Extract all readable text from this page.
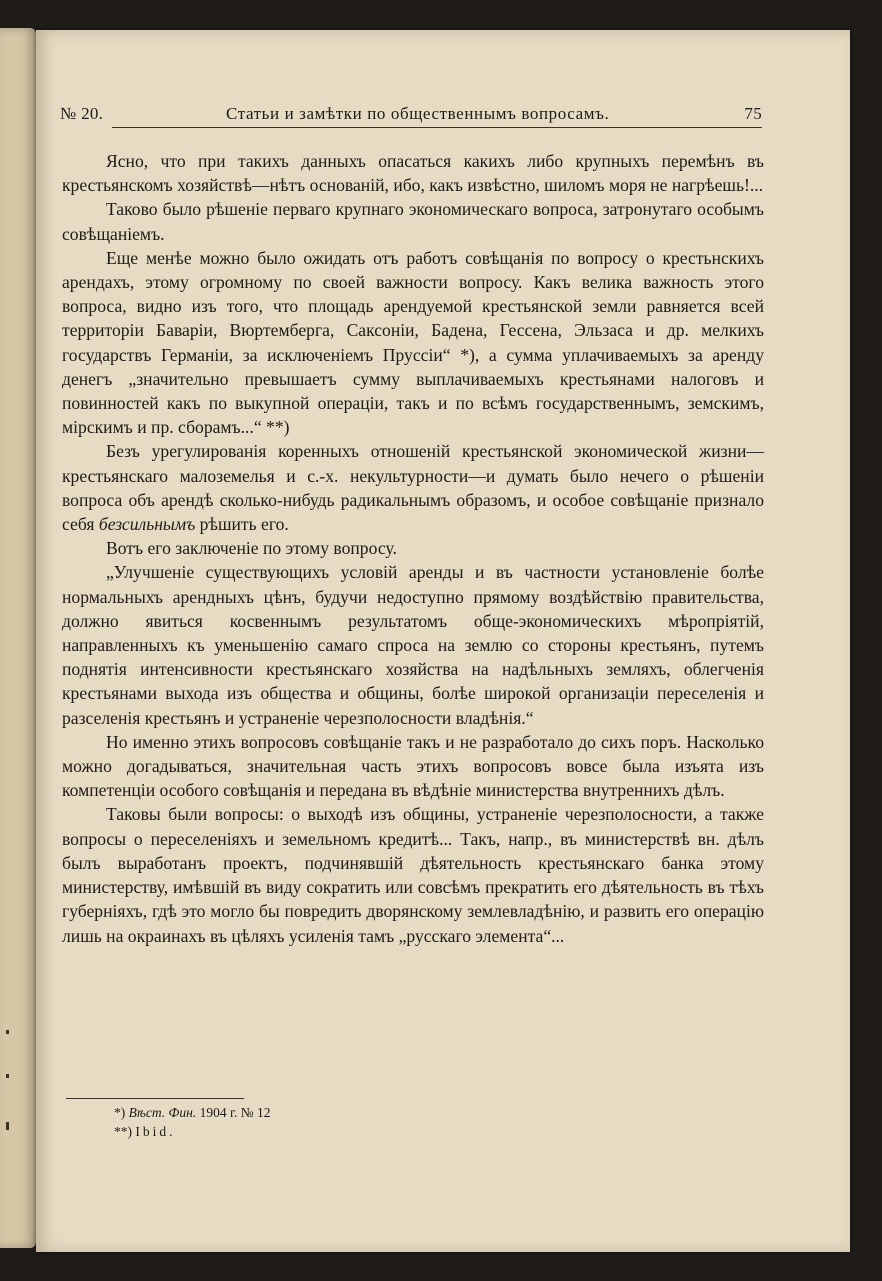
№ 20.	Статьи и замѣтки по общественнымъ вопросамъ.	75

Ясно, что при такихъ данныхъ опасаться какихъ либо крупныхъ перемѣнъ въ крестьянскомъ хозяйствѣ—нѣтъ основаній, ибо, какъ извѣстно, шиломъ моря не нагрѣешь!...

Таково было рѣшеніе перваго крупнаго экономическаго вопроса, затронутаго особымъ совѣщаніемъ.

Еще менѣе можно было ожидать отъ работъ совѣщанія по вопросу о крестьнскихъ арендахъ, этому огромному по своей важности вопросу. Какъ велика важность этого вопроса, видно изъ того, что площадь арендуемой крестьянской земли равняется всей территоріи Баваріи, Вюртемберга, Саксоніи, Бадена, Гессена, Эльзаса и др. мелкихъ государствъ Германіи, за исключеніемъ Пруссіи“ *), а сумма уплачиваемыхъ за аренду денегъ „значительно превышаетъ сумму выплачиваемыхъ крестьянами налоговъ и повинностей какъ по выкупной операціи, такъ и по всѣмъ государственнымъ, земскимъ, мірскимъ и пр. сборамъ...“ **)

Безъ урегулированія коренныхъ отношеній крестьянской экономической жизни—крестьянскаго малоземелья и с.-х. некультурности—и думать было нечего о рѣшеніи вопроса объ арендѣ сколько-нибудь радикальнымъ образомъ, и особое совѣщаніе признало себя безсильнымъ рѣшить его.

Вотъ его заключеніе по этому вопросу.

„Улучшеніе существующихъ условій аренды и въ частности установленіе болѣе нормальныхъ арендныхъ цѣнъ, будучи недоступно прямому воздѣйствію правительства, должно явиться косвеннымъ результатомъ обще-экономическихъ мѣропріятій, направленныхъ къ уменьшенію самаго спроса на землю со стороны крестьянъ, путемъ поднятія интенсивности крестьянскаго хозяйства на надѣльныхъ земляхъ, облегченія крестьянами выхода изъ общества и общины, болѣе широкой организаціи переселенія и разселенія крестьянъ и устраненіе черезполосности владѣнія.“

Но именно этихъ вопросовъ совѣщаніе такъ и не разработало до сихъ поръ. Насколько можно догадываться, значительная часть этихъ вопросовъ вовсе была изъята изъ компетенціи особого совѣщанія и передана въ вѣдѣніе министерства внутреннихъ дѣлъ.

Таковы были вопросы: о выходѣ изъ общины, устраненіе черезполосности, а также вопросы о переселеніяхъ и земельномъ кредитѣ... Такъ, напр., въ министерствѣ вн. дѣлъ былъ выработанъ проектъ, подчинявшій дѣятельность крестьянскаго банка этому министерству, имѣвшій въ виду сократить или совсѣмъ прекратить его дѣятельность въ тѣхъ губерніяхъ, гдѣ это могло бы повредить дворянскому землевладѣнію, и развить его операцію лишь на окраинахъ въ цѣляхъ усиленія тамъ „русскаго элемента“...

*) Вѣст. Фин. 1904 г. № 12
**) Ibid.
